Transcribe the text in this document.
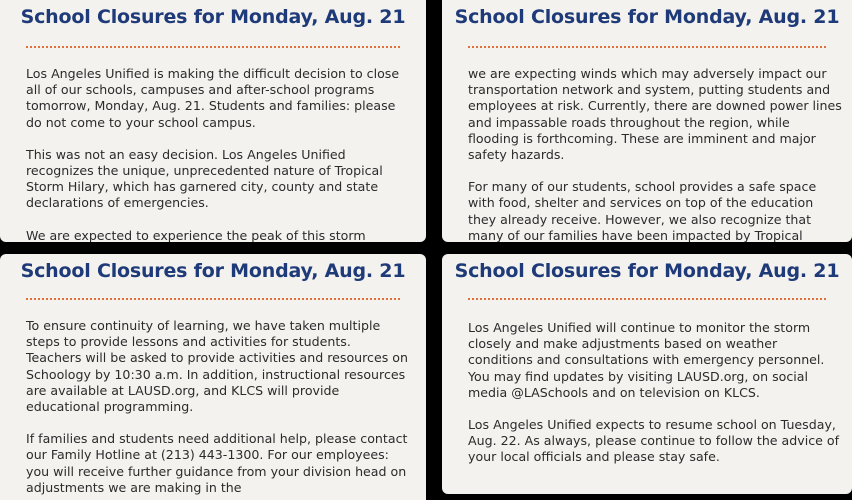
School Closures for Monday, Aug. 21

Los Angeles Unified is making the difficult decision to close all of our schools, campuses and after-school programs tomorrow, Monday, Aug. 21. Students and families: please do not come to your school campus.

This was not an easy decision. Los Angeles Unified recognizes the unique, unprecedented nature of Tropical Storm Hilary, which has garnered city, county and state declarations of emergencies.

We are expected to experience the peak of this storm

School Closures for Monday, Aug. 21

we are expecting winds which may adversely impact our transportation network and system, putting students and employees at risk. Currently, there are downed power lines and impassable roads throughout the region, while flooding is forthcoming. These are imminent and major safety hazards.

For many of our students, school provides a safe space with food, shelter and services on top of the education they already receive. However, we also recognize that many of our families have been impacted by Tropical

School Closures for Monday, Aug. 21

To ensure continuity of learning, we have taken multiple steps to provide lessons and activities for students. Teachers will be asked to provide activities and resources on Schoology by 10:30 a.m. In addition, instructional resources are available at LAUSD.org, and KLCS will provide educational programming.

If families and students need additional help, please contact our Family Hotline at (213) 443-1300. For our employees: you will receive further guidance from your division head on adjustments we are making in the

School Closures for Monday, Aug. 21

Los Angeles Unified will continue to monitor the storm closely and make adjustments based on weather conditions and consultations with emergency personnel. You may find updates by visiting LAUSD.org, on social media @LASchools and on television on KLCS.

Los Angeles Unified expects to resume school on Tuesday, Aug. 22. As always, please continue to follow the advice of your local officials and please stay safe.
